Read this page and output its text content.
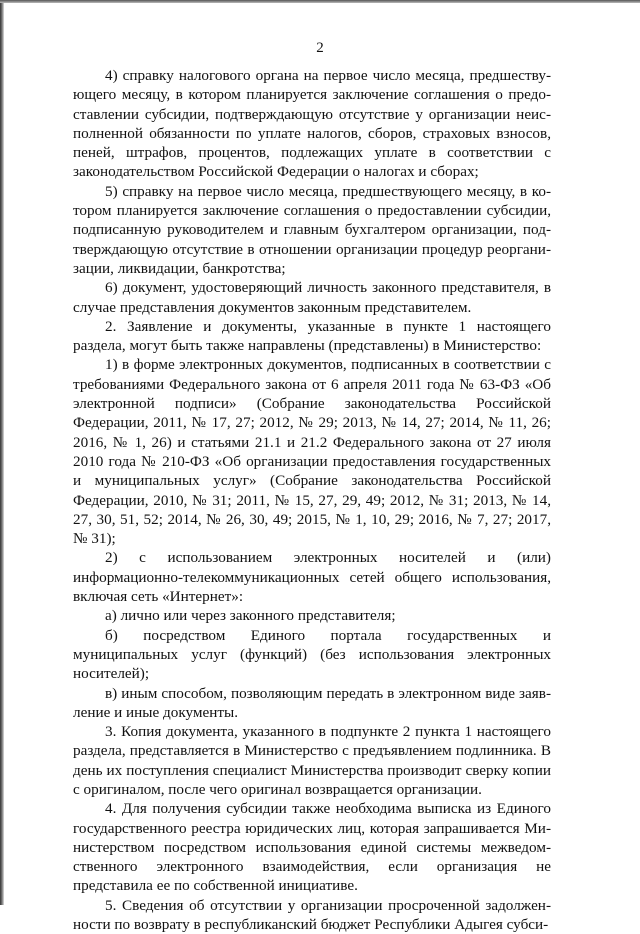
2

4) справку налогового органа на первое число месяца, предшествующего месяцу, в котором планируется заключение соглашения о предоставлении субсидии, подтверждающую отсутствие у организации неисполненной обязанности по уплате налогов, сборов, страховых взносов, пеней, штрафов, процентов, подлежащих уплате в соответствии с законодательством Российской Федерации о налогах и сборах;

5) справку на первое число месяца, предшествующего месяцу, в котором планируется заключение соглашения о предоставлении субсидии, подписанную руководителем и главным бухгалтером организации, подтверждающую отсутствие в отношении организации процедур реорганизации, ликвидации, банкротства;

6) документ, удостоверяющий личность законного представителя, в случае представления документов законным представителем.

2. Заявление и документы, указанные в пункте 1 настоящего раздела, могут быть также направлены (представлены) в Министерство:

1) в форме электронных документов, подписанных в соответствии с требованиями Федерального закона от 6 апреля 2011 года № 63-ФЗ «Об электронной подписи» (Собрание законодательства Российской Федерации, 2011, № 17, 27; 2012, № 29; 2013, № 14, 27; 2014, № 11, 26; 2016, № 1, 26) и статьями 21.1 и 21.2 Федерального закона от 27 июля 2010 года № 210-ФЗ «Об организации предоставления государственных и муниципальных услуг» (Собрание законодательства Российской Федерации, 2010, № 31; 2011, № 15, 27, 29, 49; 2012, № 31; 2013, № 14, 27, 30, 51, 52; 2014, № 26, 30, 49; 2015, № 1, 10, 29; 2016, № 7, 27; 2017, № 31);

2) с использованием электронных носителей и (или) информационно-телекоммуникационных сетей общего использования, включая сеть «Интернет»:

а) лично или через законного представителя;

б) посредством Единого портала государственных и муниципальных услуг (функций) (без использования электронных носителей);

в) иным способом, позволяющим передать в электронном виде заявление и иные документы.

3. Копия документа, указанного в подпункте 2 пункта 1 настоящего раздела, представляется в Министерство с предъявлением подлинника. В день их поступления специалист Министерства производит сверку копии с оригиналом, после чего оригинал возвращается организации.

4. Для получения субсидии также необходима выписка из Единого государственного реестра юридических лиц, которая запрашивается Министерством посредством использования единой системы межведомственного электронного взаимодействия, если организация не представила ее по собственной инициативе.

5. Сведения об отсутствии у организации просроченной задолженности по возврату в республиканский бюджет Республики Адыгея субси-
